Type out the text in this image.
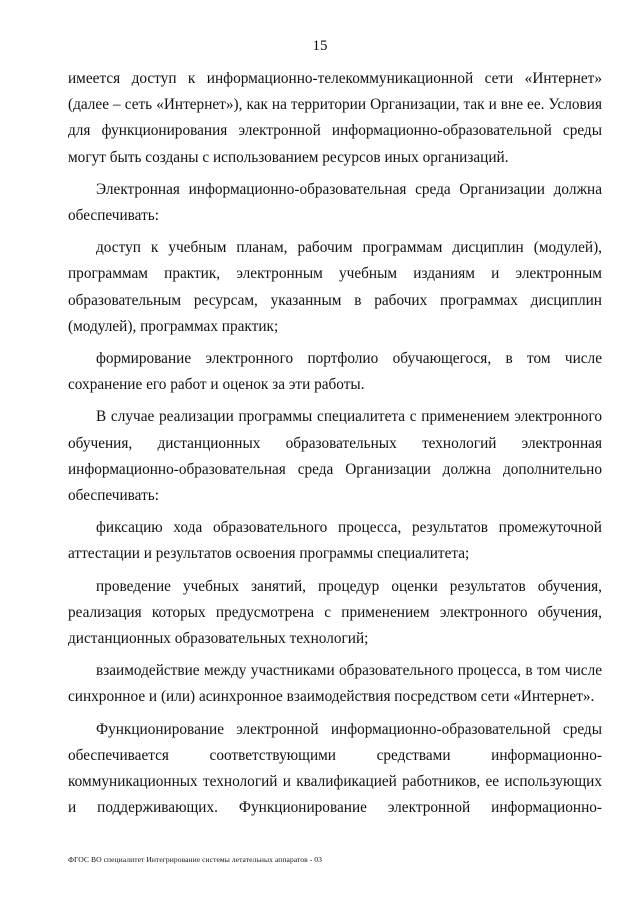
15

имеется доступ к информационно-телекоммуникационной сети «Интернет» (далее – сеть «Интернет»), как на территории Организации, так и вне ее. Условия для функционирования электронной информационно-образовательной среды могут быть созданы с использованием ресурсов иных организаций.

Электронная информационно-образовательная среда Организации должна обеспечивать:

доступ к учебным планам, рабочим программам дисциплин (модулей), программам практик, электронным учебным изданиям и электронным образовательным ресурсам, указанным в рабочих программах дисциплин (модулей), программах практик;

формирование электронного портфолио обучающегося, в том числе сохранение его работ и оценок за эти работы.

В случае реализации программы специалитета с применением электронного обучения, дистанционных образовательных технологий электронная информационно-образовательная среда Организации должна дополнительно обеспечивать:

фиксацию хода образовательного процесса, результатов промежуточной аттестации и результатов освоения программы специалитета;

проведение учебных занятий, процедур оценки результатов обучения, реализация которых предусмотрена с применением электронного обучения, дистанционных образовательных технологий;

взаимодействие между участниками образовательного процесса, в том числе синхронное и (или) асинхронное взаимодействия посредством сети «Интернет».

Функционирование электронной информационно-образовательной среды обеспечивается соответствующими средствами информационно-коммуникационных технологий и квалификацией работников, ее использующих и поддерживающих. Функционирование электронной информационно-

ФГОС ВО специалитет Интегрирование системы летательных аппаратов - 03
